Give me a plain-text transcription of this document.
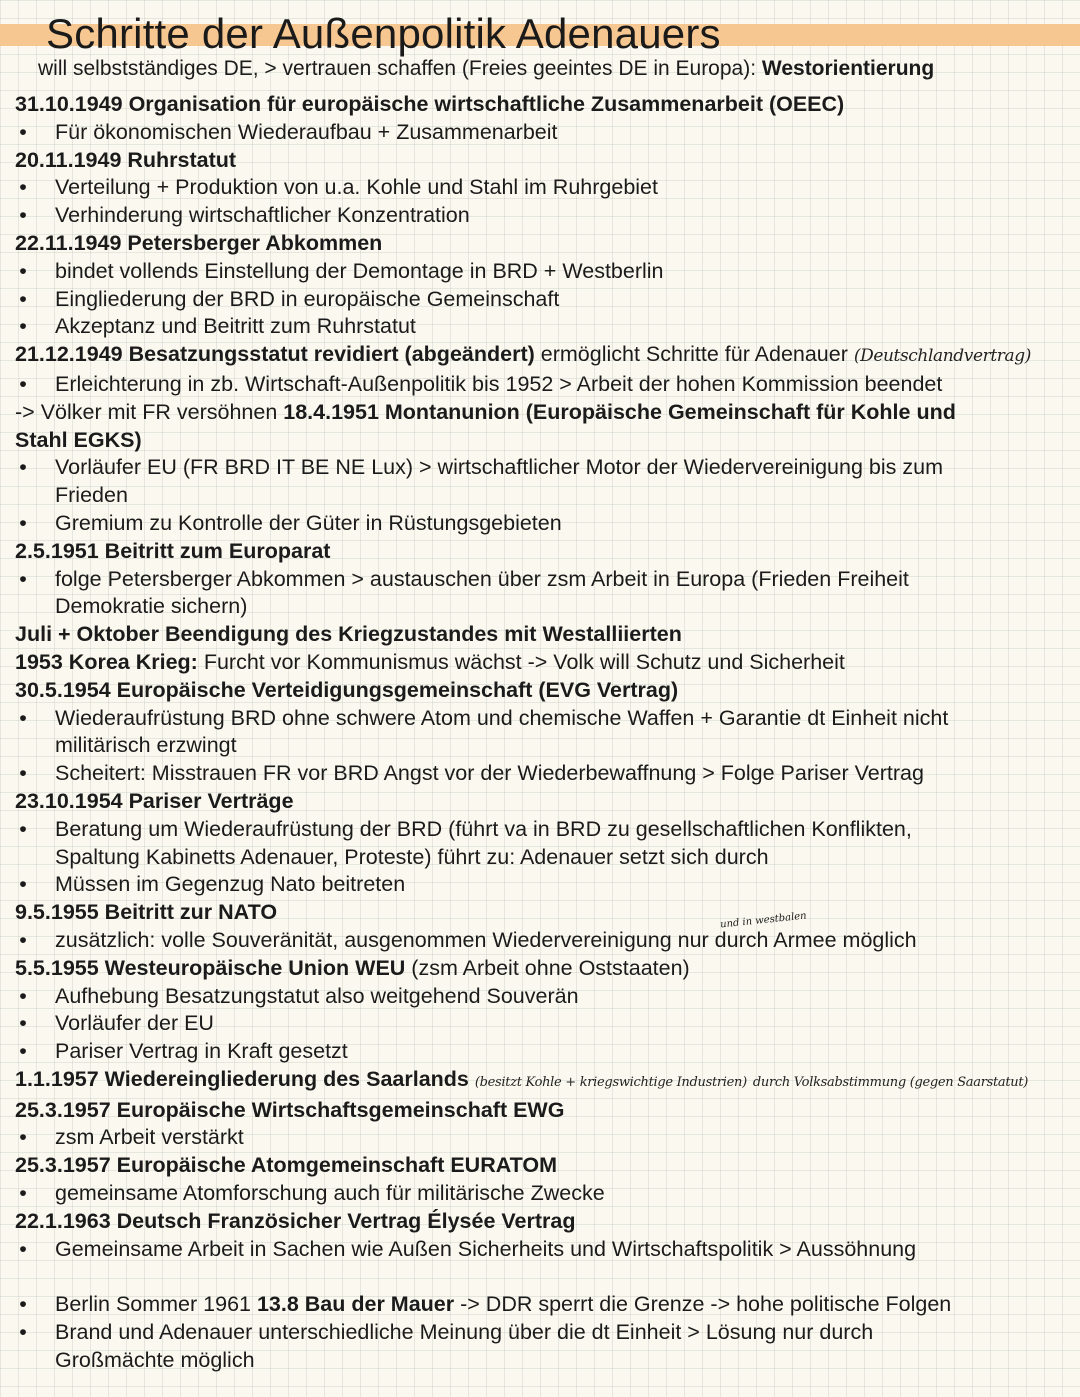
Schritte der Außenpolitik Adenauers
will selbstständiges DE, > vertrauen schaffen (Freies geeintes DE in Europa): Westorientierung
31.10.1949 Organisation für europäische wirtschaftliche Zusammenarbeit (OEEC)
• Für ökonomischen Wiederaufbau + Zusammenarbeit
20.11.1949 Ruhrstatut
• Verteilung + Produktion von u.a. Kohle und Stahl im Ruhrgebiet
• Verhinderung wirtschaftlicher Konzentration
22.11.1949 Petersberger Abkommen
• bindet vollends Einstellung der Demontage in BRD + Westberlin
• Eingliederung der BRD in europäische Gemeinschaft
• Akzeptanz und Beitritt zum Ruhrstatut
21.12.1949 Besatzungsstatut revidiert (abgeändert) ermöglicht Schritte für Adenauer (Deutschlandvertrag)
• Erleichterung in zb. Wirtschaft-Außenpolitik bis 1952 > Arbeit der hohen Kommission beendet
-> Völker mit FR versöhnen 18.4.1951 Montanunion (Europäische Gemeinschaft für Kohle und
Stahl EGKS)
• Vorläufer EU (FR BRD IT BE NE Lux) > wirtschaftlicher Motor der Wiedervereinigung bis zum
Frieden
• Gremium zu Kontrolle der Güter in Rüstungsgebieten
2.5.1951 Beitritt zum Europarat
• folge Petersberger Abkommen > austauschen über zsm Arbeit in Europa (Frieden Freiheit
Demokratie sichern)
Juli + Oktober Beendigung des Kriegzustandes mit Westalliierten
1953 Korea Krieg: Furcht vor Kommunismus wächst -> Volk will Schutz und Sicherheit
30.5.1954 Europäische Verteidigungsgemeinschaft (EVG Vertrag)
• Wiederaufrüstung BRD ohne schwere Atom und chemische Waffen + Garantie dt Einheit nicht
militärisch erzwingt
• Scheitert: Misstrauen FR vor BRD Angst vor der Wiederbewaffnung > Folge Pariser Vertrag
23.10.1954 Pariser Verträge
• Beratung um Wiederaufrüstung der BRD (führt va in BRD zu gesellschaftlichen Konflikten,
Spaltung Kabinetts Adenauer, Proteste) führt zu: Adenauer setzt sich durch
• Müssen im Gegenzug Nato beitreten
9.5.1955 Beitritt zur NATO
• zusätzlich: volle Souveränität, ausgenommen Wiedervereinigung nur durch Armee möglich
und in westbalen
5.5.1955 Westeuropäische Union WEU (zsm Arbeit ohne Oststaaten)
• Aufhebung Besatzungstatut also weitgehend Souverän
• Vorläufer der EU
• Pariser Vertrag in Kraft gesetzt
1.1.1957 Wiedereingliederung des Saarlands (besitzt Kohle + kriegswichtige Industrien) durch Volksabstimmung (gegen Saarstatut)
25.3.1957 Europäische Wirtschaftsgemeinschaft EWG
• zsm Arbeit verstärkt
25.3.1957 Europäische Atomgemeinschaft EURATOM
• gemeinsame Atomforschung auch für militärische Zwecke
22.1.1963 Deutsch Französicher Vertrag Élysée Vertrag
• Gemeinsame Arbeit in Sachen wie Außen Sicherheits und Wirtschaftspolitik > Aussöhnung
• Berlin Sommer 1961 13.8 Bau der Mauer -> DDR sperrt die Grenze -> hohe politische Folgen
• Brand und Adenauer unterschiedliche Meinung über die dt Einheit > Lösung nur durch
Großmächte möglich
